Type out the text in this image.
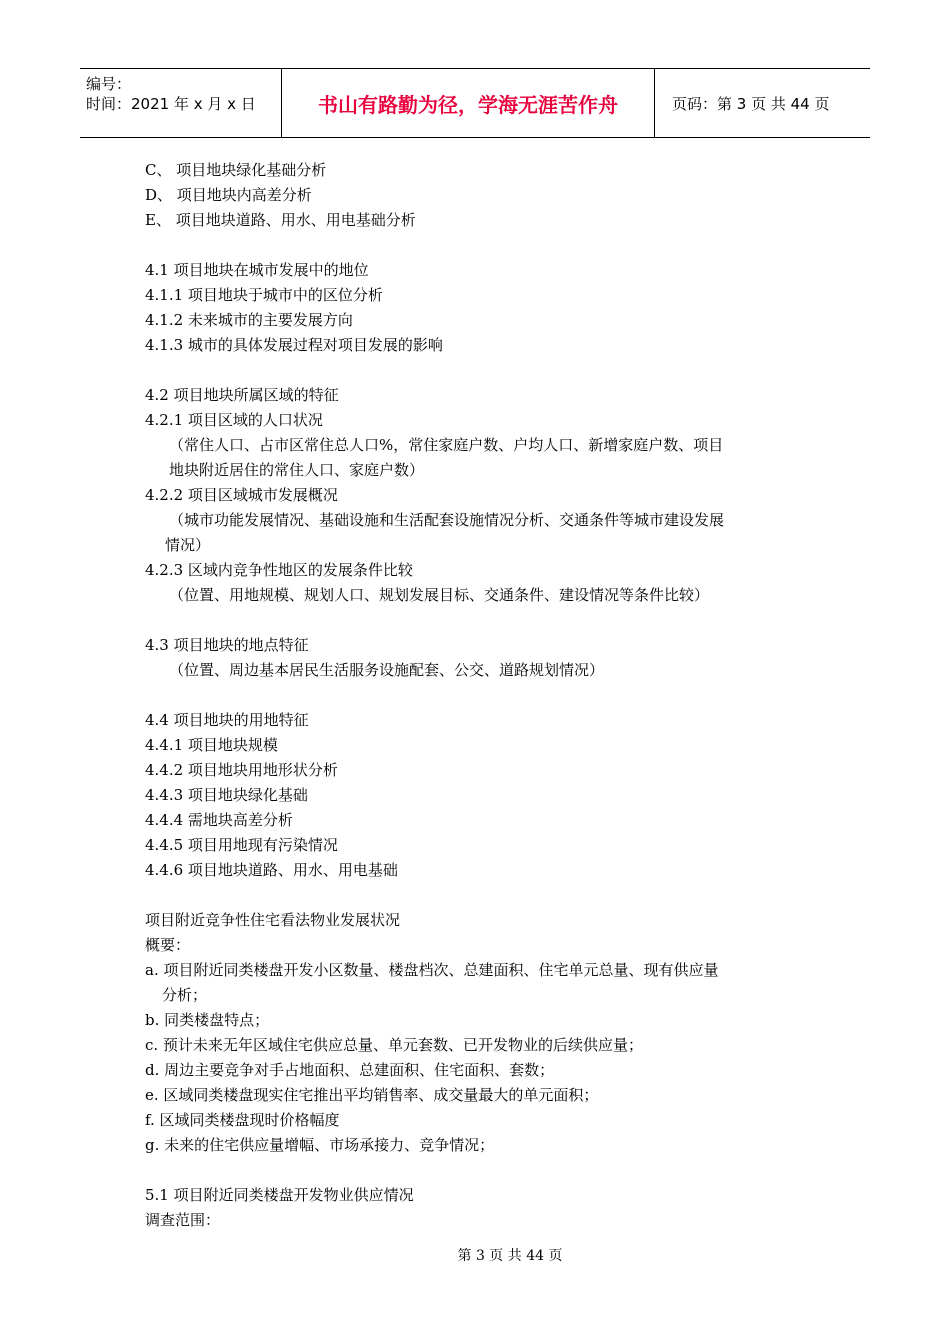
编号：
时间：2021 年 x 月 x 日	书山有路勤为径，学海无涯苦作舟	页码：第 3 页 共 44 页
C、 项目地块绿化基础分析
D、 项目地块内高差分析
E、 项目地块道路、用水、用电基础分析
4.1 项目地块在城市发展中的地位
4.1.1 项目地块于城市中的区位分析
4.1.2 未来城市的主要发展方向
4.1.3 城市的具体发展过程对项目发展的影响
4.2 项目地块所属区域的特征
4.2.1 项目区域的人口状况
（常住人口、占市区常住总人口%，常住家庭户数、户均人口、新增家庭户数、项目
地块附近居住的常住人口、家庭户数）
4.2.2 项目区域城市发展概况
（城市功能发展情况、基础设施和生活配套设施情况分析、交通条件等城市建设发展
情况）
4.2.3 区域内竞争性地区的发展条件比较
（位置、用地规模、规划人口、规划发展目标、交通条件、建设情况等条件比较）
4.3 项目地块的地点特征
（位置、周边基本居民生活服务设施配套、公交、道路规划情况）
4.4 项目地块的用地特征
4.4.1 项目地块规模
4.4.2 项目地块用地形状分析
4.4.3 项目地块绿化基础
4.4.4 需地块高差分析
4.4.5 项目用地现有污染情况
4.4.6 项目地块道路、用水、用电基础
项目附近竞争性住宅看法物业发展状况
概要：
a. 项目附近同类楼盘开发小区数量、楼盘档次、总建面积、住宅单元总量、现有供应量
分析；
b. 同类楼盘特点；
c. 预计未来无年区域住宅供应总量、单元套数、已开发物业的后续供应量；
d. 周边主要竞争对手占地面积、总建面积、住宅面积、套数；
e. 区域同类楼盘现实住宅推出平均销售率、成交量最大的单元面积；
f. 区域同类楼盘现时价格幅度
g. 未来的住宅供应量增幅、市场承接力、竞争情况；
5.1 项目附近同类楼盘开发物业供应情况
调查范围：
第 3 页 共 44 页
